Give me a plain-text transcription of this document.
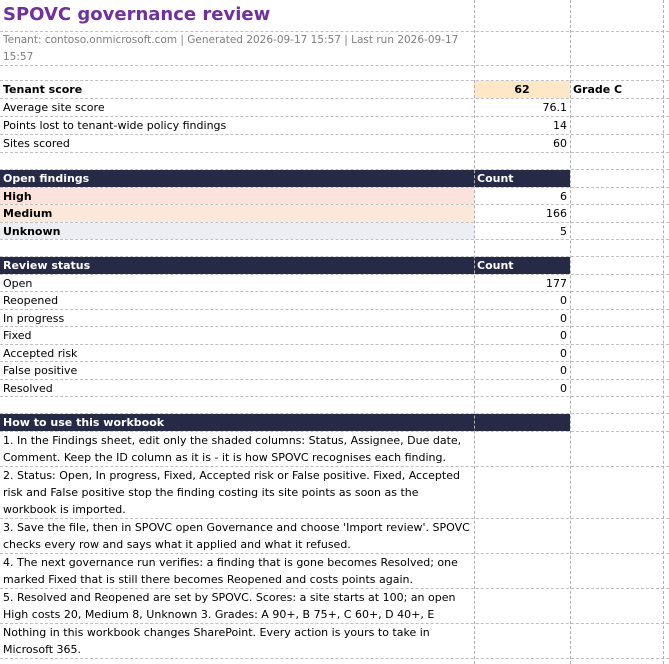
SPOVC governance review
Tenant: contoso.onmicrosoft.com | Generated 2026-09-17 15:57 | Last run 2026-09-17 15:57
Tenant score	62	Grade C
Average site score	76.1
Points lost to tenant-wide policy findings	14
Sites scored	60
Open findings	Count
High	6
Medium	166
Unknown	5
Review status	Count
Open	177
Reopened	0
In progress	0
Fixed	0
Accepted risk	0
False positive	0
Resolved	0
How to use this workbook
1. In the Findings sheet, edit only the shaded columns: Status, Assignee, Due date, Comment. Keep the ID column as it is - it is how SPOVC recognises each finding.
2. Status: Open, In progress, Fixed, Accepted risk or False positive. Fixed, Accepted risk and False positive stop the finding costing its site points as soon as the workbook is imported.
3. Save the file, then in SPOVC open Governance and choose 'Import review'. SPOVC checks every row and says what it applied and what it refused.
4. The next governance run verifies: a finding that is gone becomes Resolved; one marked Fixed that is still there becomes Reopened and costs points again.
5. Resolved and Reopened are set by SPOVC. Scores: a site starts at 100; an open High costs 20, Medium 8, Unknown 3. Grades: A 90+, B 75+, C 60+, D 40+, E
Nothing in this workbook changes SharePoint. Every action is yours to take in Microsoft 365.
